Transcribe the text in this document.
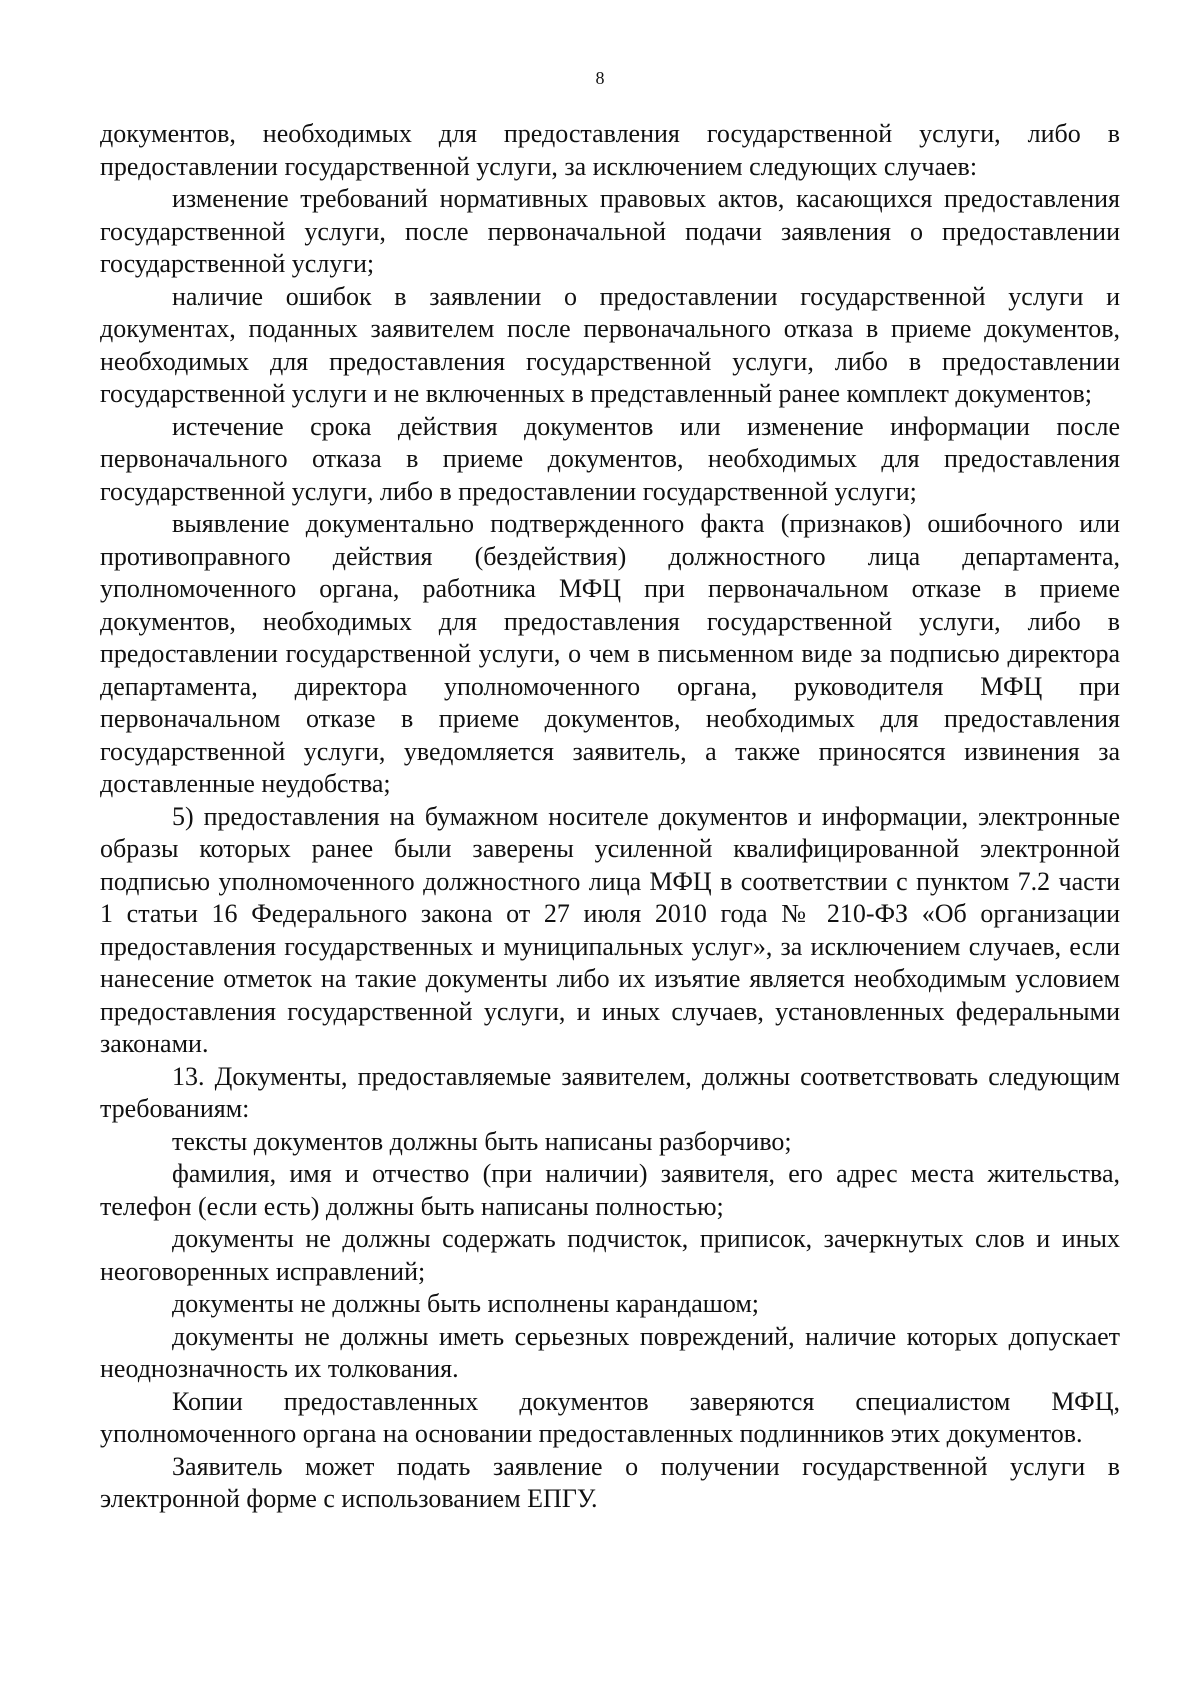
8

документов, необходимых для предоставления государственной услуги, либо в предоставлении государственной услуги, за исключением следующих случаев:

изменение требований нормативных правовых актов, касающихся предоставления государственной услуги, после первоначальной подачи заявления о предоставлении государственной услуги;

наличие ошибок в заявлении о предоставлении государственной услуги и документах, поданных заявителем после первоначального отказа в приеме документов, необходимых для предоставления государственной услуги, либо в предоставлении государственной услуги и не включенных в представленный ранее комплект документов;

истечение срока действия документов или изменение информации после первоначального отказа в приеме документов, необходимых для предоставления государственной услуги, либо в предоставлении государственной услуги;

выявление документально подтвержденного факта (признаков) ошибочного или противоправного действия (бездействия) должностного лица департамента, уполномоченного органа, работника МФЦ при первоначальном отказе в приеме документов, необходимых для предоставления государственной услуги, либо в предоставлении государственной услуги, о чем в письменном виде за подписью директора департамента, директора уполномоченного органа, руководителя МФЦ при первоначальном отказе в приеме документов, необходимых для предоставления государственной услуги, уведомляется заявитель, а также приносятся извинения за доставленные неудобства;

5) предоставления на бумажном носителе документов и информации, электронные образы которых ранее были заверены усиленной квалифицированной электронной подписью уполномоченного должностного лица МФЦ в соответствии с пунктом 7.2 части 1 статьи 16 Федерального закона от 27 июля 2010 года № 210-ФЗ «Об организации предоставления государственных и муниципальных услуг», за исключением случаев, если нанесение отметок на такие документы либо их изъятие является необходимым условием предоставления государственной услуги, и иных случаев, установленных федеральными законами.

13. Документы, предоставляемые заявителем, должны соответствовать следующим требованиям:

тексты документов должны быть написаны разборчиво;

фамилия, имя и отчество (при наличии) заявителя, его адрес места жительства, телефон (если есть) должны быть написаны полностью;

документы не должны содержать подчисток, приписок, зачеркнутых слов и иных неоговоренных исправлений;

документы не должны быть исполнены карандашом;

документы не должны иметь серьезных повреждений, наличие которых допускает неоднозначность их толкования.

Копии предоставленных документов заверяются специалистом МФЦ, уполномоченного органа на основании предоставленных подлинников этих документов.

Заявитель может подать заявление о получении государственной услуги в электронной форме с использованием ЕПГУ.
